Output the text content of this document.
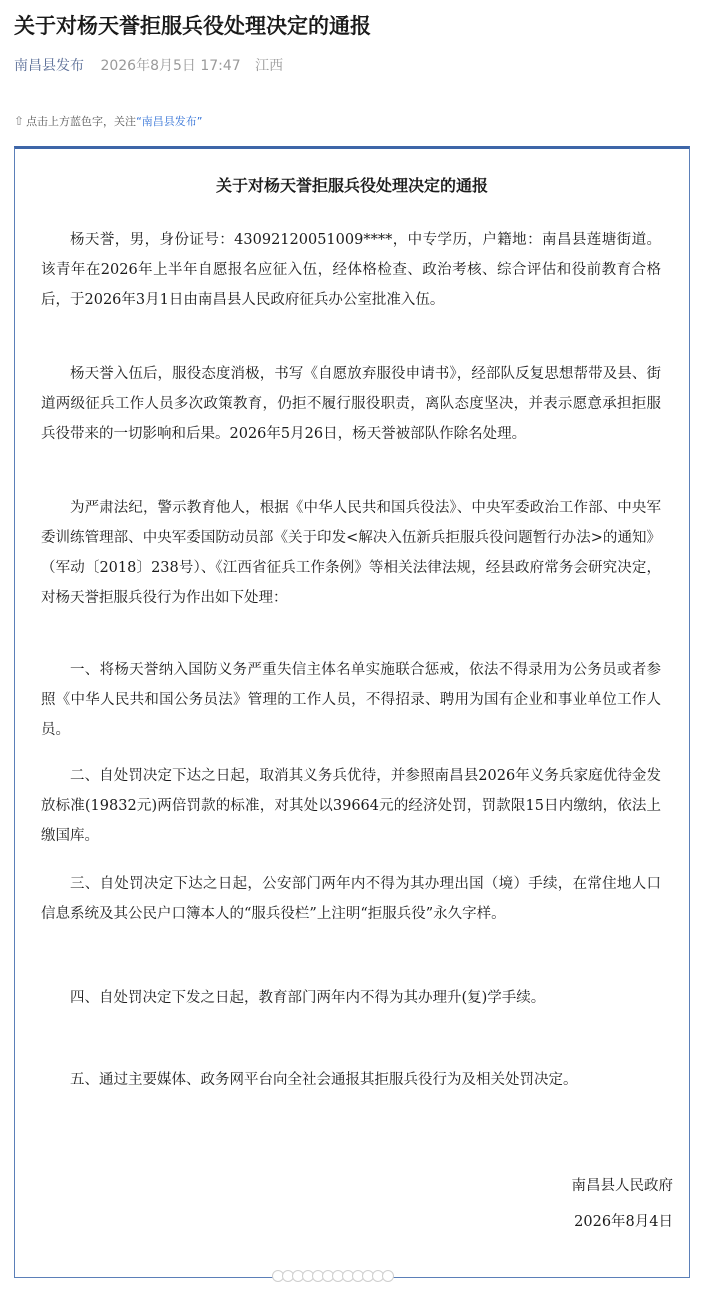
关于对杨天誉拒服兵役处理决定的通报
南昌县发布 2026年8月5日 17:47 江西
⇧ 点击上方蓝色字，关注“南昌县发布”
关于对杨天誉拒服兵役处理决定的通报
杨天誉，男，身份证号：43092120051009****，中专学历，户籍地：南昌县莲塘街道。该青年在2026年上半年自愿报名应征入伍，经体格检查、政治考核、综合评估和役前教育合格后，于2026年3月1日由南昌县人民政府征兵办公室批准入伍。
杨天誉入伍后，服役态度消极，书写《自愿放弃服役申请书》，经部队反复思想帮带及县、街道两级征兵工作人员多次政策教育，仍拒不履行服役职责，离队态度坚决，并表示愿意承担拒服兵役带来的一切影响和后果。2026年5月26日，杨天誉被部队作除名处理。
为严肃法纪，警示教育他人，根据《中华人民共和国兵役法》、中央军委政治工作部、中央军委训练管理部、中央军委国防动员部《关于印发<解决入伍新兵拒服兵役问题暂行办法>的通知》（军动〔2018〕238号）、《江西省征兵工作条例》等相关法律法规，经县政府常务会研究决定，对杨天誉拒服兵役行为作出如下处理：
一、将杨天誉纳入国防义务严重失信主体名单实施联合惩戒，依法不得录用为公务员或者参照《中华人民共和国公务员法》管理的工作人员，不得招录、聘用为国有企业和事业单位工作人员。
二、自处罚决定下达之日起，取消其义务兵优待，并参照南昌县2026年义务兵家庭优待金发放标准(19832元)两倍罚款的标准，对其处以39664元的经济处罚，罚款限15日内缴纳，依法上缴国库。
三、自处罚决定下达之日起，公安部门两年内不得为其办理出国（境）手续，在常住地人口信息系统及其公民户口簿本人的“服兵役栏”上注明“拒服兵役”永久字样。
四、自处罚决定下发之日起，教育部门两年内不得为其办理升(复)学手续。
五、通过主要媒体、政务网平台向全社会通报其拒服兵役行为及相关处罚决定。
南昌县人民政府
2026年8月4日
